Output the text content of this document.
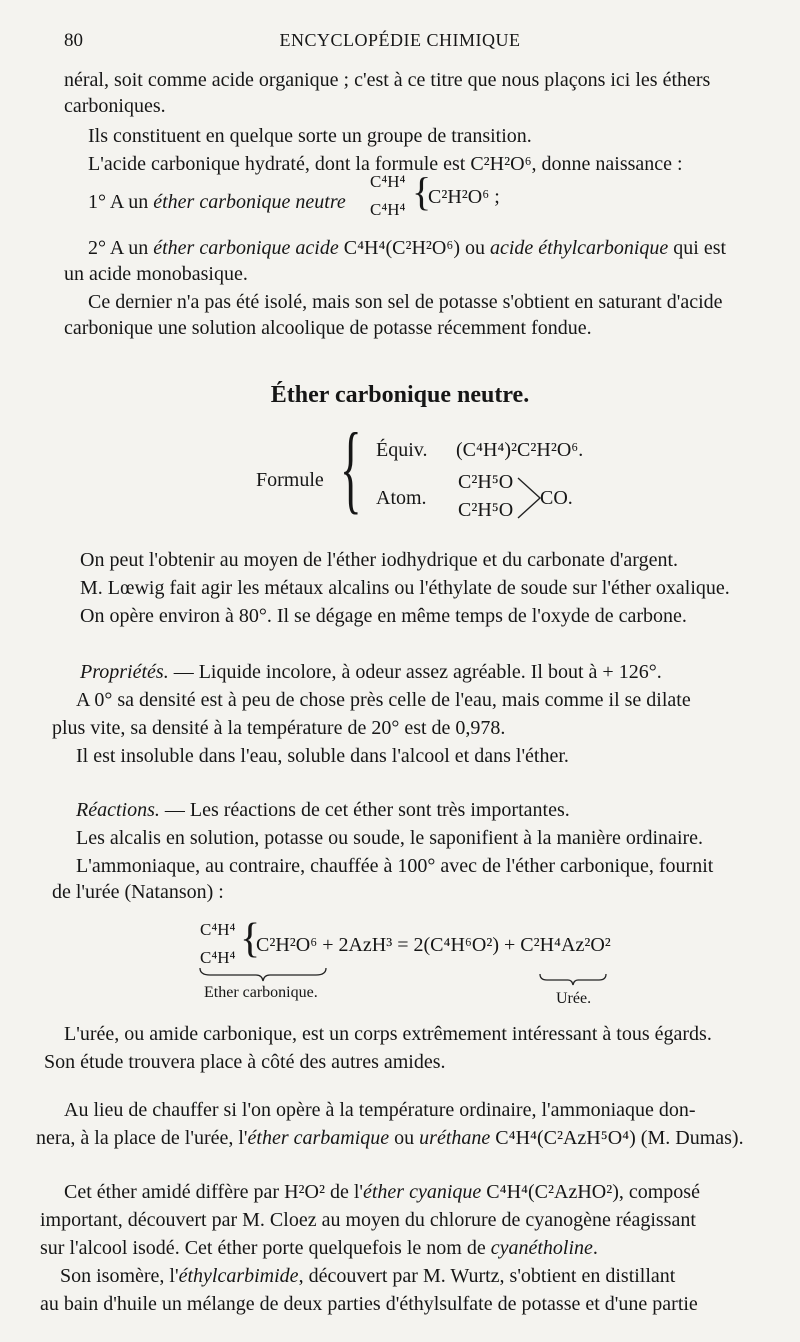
80	ENCYCLOPÉDIE CHIMIQUE
néral, soit comme acide organique ; c'est à ce titre que nous plaçons ici les éthers
carboniques.
Ils constituent en quelque sorte un groupe de transition.
L'acide carbonique hydraté, dont la formule est C²H²O⁶, donne naissance :
1° A un éther carbonique neutre
C⁴H⁴
C⁴H⁴ {
C²H²O⁶ ;
2° A un éther carbonique acide C⁴H⁴(C²H²O⁶) ou acide éthylcarbonique qui est
un acide monobasique.
Ce dernier n'a pas été isolé, mais son sel de potasse s'obtient en saturant d'acide
carbonique une solution alcoolique de potasse récemment fondue.
Éther carbonique neutre.
Formule { Équiv. (C⁴H⁴)²C²H²O⁶.
Atom.
C²H⁵O
C²H⁵O
CO.
On peut l'obtenir au moyen de l'éther iodhydrique et du carbonate d'argent.
M. Lœwig fait agir les métaux alcalins ou l'éthylate de soude sur l'éther oxalique.
On opère environ à 80°. Il se dégage en même temps de l'oxyde de carbone.
Propriétés. — Liquide incolore, à odeur assez agréable. Il bout à + 126°.
A 0° sa densité est à peu de chose près celle de l'eau, mais comme il se dilate
plus vite, sa densité à la température de 20° est de 0,978.
Il est insoluble dans l'eau, soluble dans l'alcool et dans l'éther.
Réactions. — Les réactions de cet éther sont très importantes.
Les alcalis en solution, potasse ou soude, le saponifient à la manière ordinaire.
L'ammoniaque, au contraire, chauffée à 100° avec de l'éther carbonique, fournit
de l'urée (Natanson) :
C⁴H⁴
C⁴H⁴ {
C²H²O⁶ + 2AzH³ = 2(C⁴H⁶O²) + C²H⁴Az²O²
Ether carbonique.	Urée.
L'urée, ou amide carbonique, est un corps extrêmement intéressant à tous égards.
Son étude trouvera place à côté des autres amides.
Au lieu de chauffer si l'on opère à la température ordinaire, l'ammoniaque don-
nera, à la place de l'urée, l'éther carbamique ou uréthane C⁴H⁴(C²AzH⁵O⁴) (M. Dumas).
Cet éther amidé diffère par H²O² de l'éther cyanique C⁴H⁴(C²AzHO²), composé
important, découvert par M. Cloez au moyen du chlorure de cyanogène réagissant
sur l'alcool isodé. Cet éther porte quelquefois le nom de cyanétholine.
Son isomère, l'éthylcarbimide, découvert par M. Wurtz, s'obtient en distillant
au bain d'huile un mélange de deux parties d'éthylsulfate de potasse et d'une partie
